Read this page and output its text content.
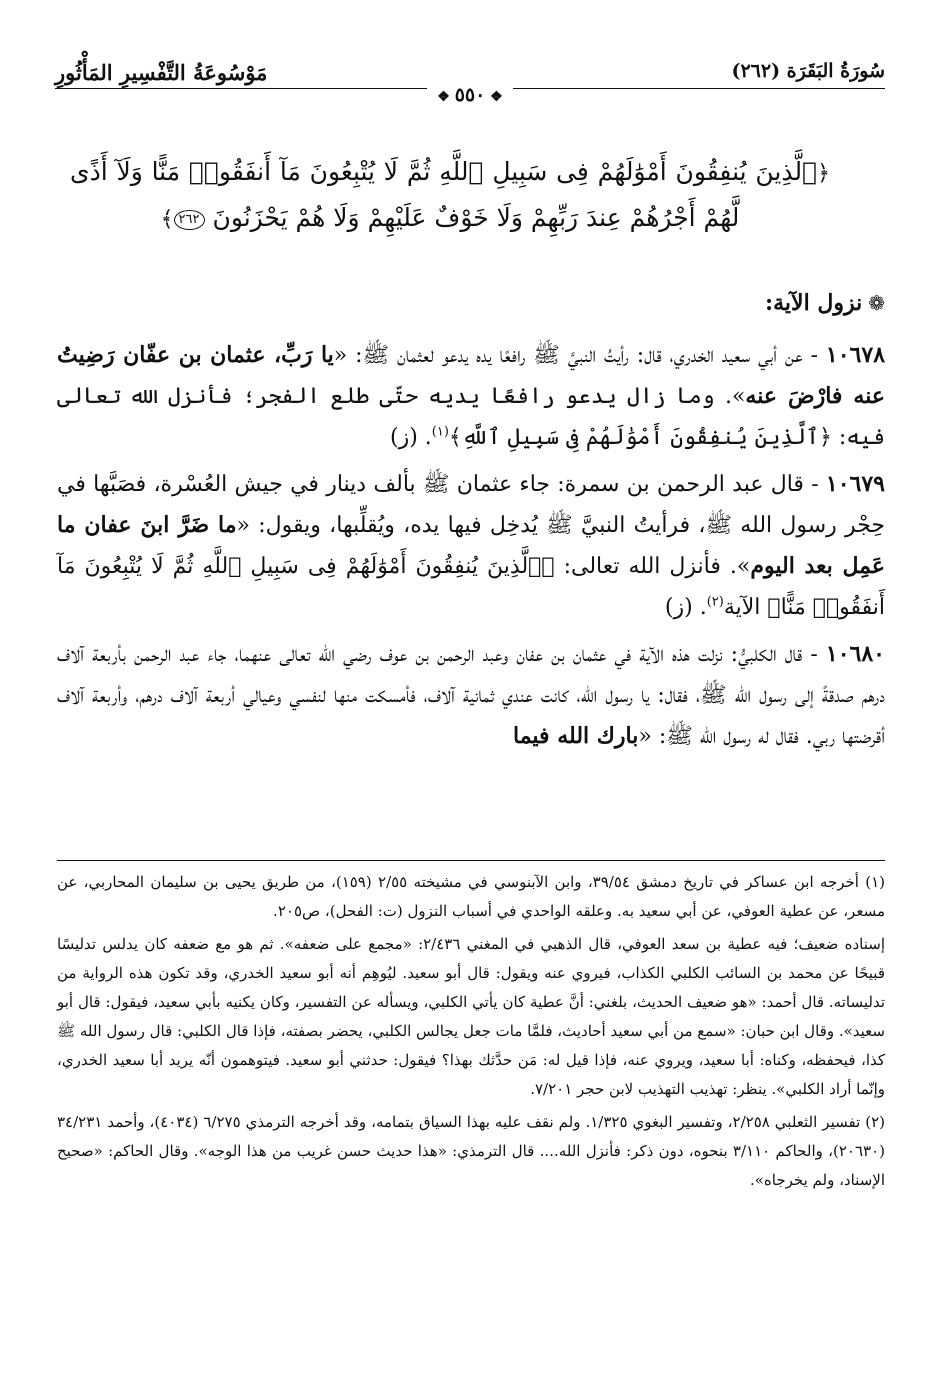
سُورَةُ البَقَرَة (٢٦٢)
مَوْسُوعَةُ التَّفْسِيرِ المَأْثُورِ
❖ ٥٥٠ ❖
﴿ٱلَّذِينَ يُنفِقُونَ أَمْوَٰلَهُمْ فِى سَبِيلِ ٱللَّهِ ثُمَّ لَا يُتْبِعُونَ مَآ أَنفَقُوا۟ مَنًّا وَلَآ أَذًى لَّهُمْ أَجْرُهُمْ عِندَ رَبِّهِمْ وَلَا خَوْفٌ عَلَيْهِمْ وَلَا هُمْ يَحْزَنُونَ ٢٦٢﴾
❁نزول الآية:

١٠٦٧٨ - عن أبي سعيد الخدري، قال: رأيتُ النبيَّ ﷺ رافعًا يده يدعو لعثمان ﷺ: «يا رَبِّ، عثمان بن عفّان رَضِيتُ عنه فارْضَ عنه». وما زال يدعو رافعًا يديه حتّى طلع الفجر؛ فأنزل الله تعالى فيه: ﴿ٱلَّذِينَ يُنفِقُونَ أَمْوَٰلَهُمْ فِى سَبِيلِ ٱللَّهِ﴾$^{(١)}$. (ز)

١٠٦٧٩ - قال عبد الرحمن بن سمرة: جاء عثمان ﷺ بألف دينار في جيش العُسْرة، فصَبَّها في حِجْر رسول الله ﷺ، فرأيتُ النبيَّ ﷺ يُدخِل فيها يده، ويُقلِّبها، ويقول: «ما ضَرَّ ابنَ عفان ما عَمِل بعد اليوم». فأنزل الله تعالى: ﴿ٱلَّذِينَ يُنفِقُونَ أَمْوَٰلَهُمْ فِى سَبِيلِ ٱللَّهِ ثُمَّ لَا يُتْبِعُونَ مَآ أَنفَقُوا۟ مَنًّا﴾ الآية$^{(٢)}$. (ز)

١٠٦٨٠ - قال الكلبيُّ: نزلت هذه الآية في عثمان بن عفان وعبد الرحمن بن عوف رضي الله تعالى عنهما، جاء عبد الرحمن بأربعة آلاف درهم صدقةً إلى رسول الله ﷺ، فقال: يا رسول الله، كانت عندي ثمانية آلاف، فأمسكت منها لنفسي وعيالي أربعة آلاف درهم، وأربعة آلاف أقرضتها ربي. فقال له رسول الله ﷺ: «بارك الله فيما

(١) أخرجه ابن عساكر في تاريخ دمشق ٣٩/٥٤، وابن الآبنوسي في مشيخته ٢/٥٥ (١٥٩)، من طريق يحيى بن سليمان المحاربي، عن مسعر، عن عطية العوفي، عن أبي سعيد به. وعلقه الواحدي في أسباب النزول (ت: الفحل)، ص٢٠٥.

إسناده ضعيف؛ فيه عطية بن سعد العوفي، قال الذهبي في المغني ٢/٤٣٦: «مجمع على ضعفه». ثم هو مع ضعفه كان يدلس تدليسًا قبيحًا عن محمد بن السائب الكلبي الكذاب، فيروي عنه ويقول: قال أبو سعيد. ليُوهِم أنه أبو سعيد الخدري، وقد تكون هذه الرواية من تدليساته. قال أحمد: «هو ضعيف الحديث، بلغني: أنَّ عطية كان يأتي الكلبي، ويسأله عن التفسير، وكان يكنيه بأبي سعيد، فيقول: قال أبو سعيد». وقال ابن حبان: «سمع من أبي سعيد أحاديث، فلمَّا مات جعل يجالس الكلبي، يحضر بصفته، فإذا قال الكلبي: قال رسول الله ﷺ كذا، فيحفظه، وكناه: أبا سعيد، ويروي عنه، فإذا قيل له: مَن حدَّثك بهذا؟ فيقول: حدثني أبو سعيد. فيتوهمون أنّه يريد أبا سعيد الخدري، وإنّما أراد الكلبي». ينظر: تهذيب التهذيب لابن حجر ٧/٢٠١.

(٢) تفسير الثعلبي ٢/٢٥٨، وتفسير البغوي ١/٣٢٥. ولم نقف عليه بهذا السياق بتمامه، وقد أخرجه الترمذي ٦/٢٧٥ (٤٠٣٤)، وأحمد ٣٤/٢٣١ (٢٠٦٣٠)، والحاكم ٣/١١٠ بنحوه، دون ذكر: فأنزل الله.... قال الترمذي: «هذا حديث حسن غريب من هذا الوجه». وقال الحاكم: «صحيح الإسناد، ولم يخرجاه».
